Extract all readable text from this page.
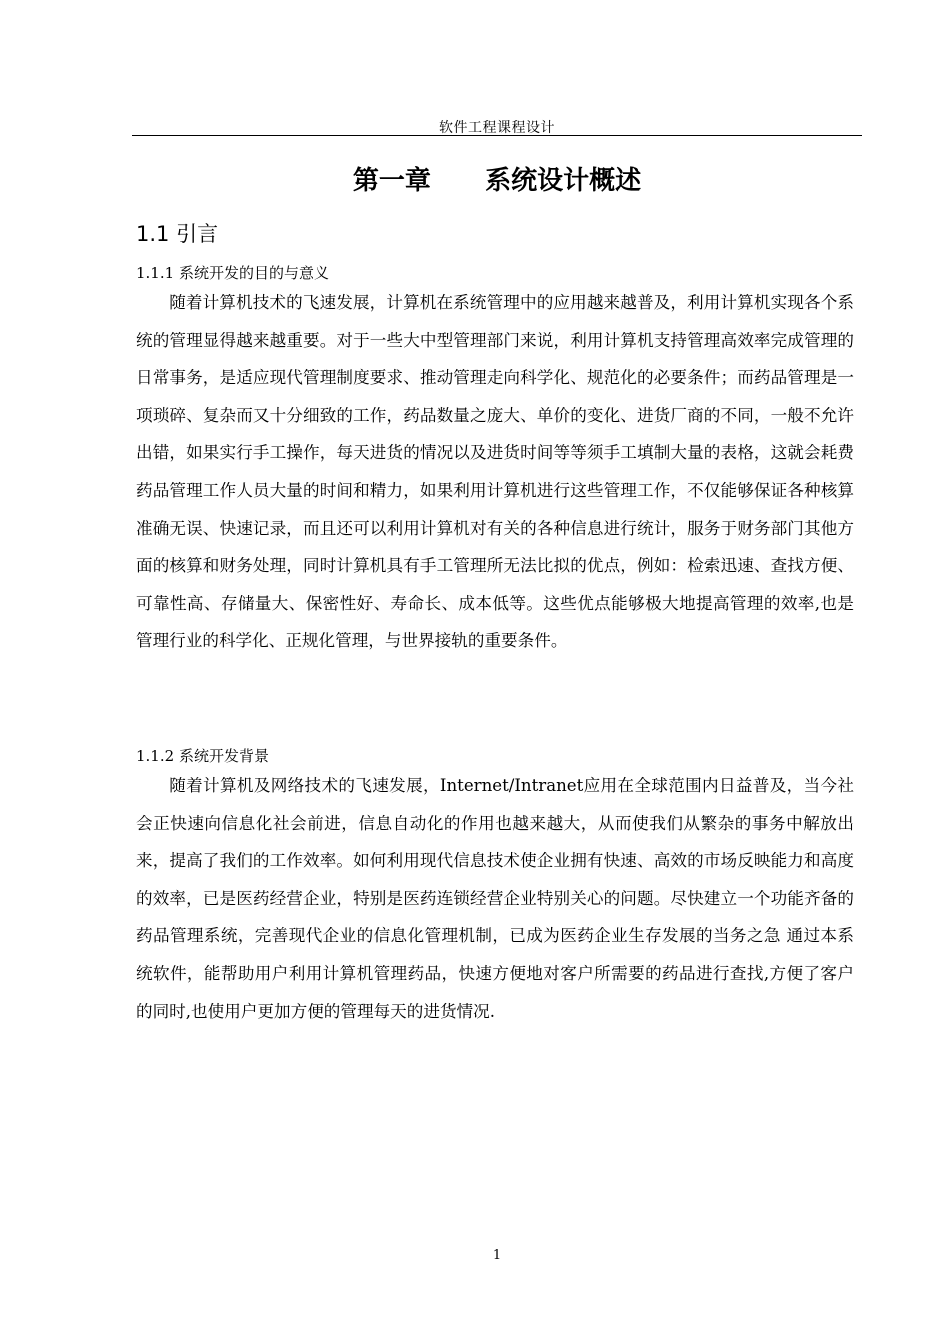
软件工程课程设计
第一章      系统设计概述
1.1 引言
1.1.1 系统开发的目的与意义

随着计算机技术的飞速发展，计算机在系统管理中的应用越来越普及，利用计算机实现各个系统的管理显得越来越重要。对于一些大中型管理部门来说，利用计算机支持管理高效率完成管理的日常事务，是适应现代管理制度要求、推动管理走向科学化、规范化的必要条件；而药品管理是一项琐碎、复杂而又十分细致的工作，药品数量之庞大、单价的变化、进货厂商的不同，一般不允许出错，如果实行手工操作，每天进货的情况以及进货时间等等须手工填制大量的表格，这就会耗费药品管理工作人员大量的时间和精力，如果利用计算机进行这些管理工作，不仅能够保证各种核算准确无误、快速记录，而且还可以利用计算机对有关的各种信息进行统计，服务于财务部门其他方面的核算和财务处理，同时计算机具有手工管理所无法比拟的优点，例如：检索迅速、查找方便、可靠性高、存储量大、保密性好、寿命长、成本低等。这些优点能够极大地提高管理的效率,也是管理行业的科学化、正规化管理，与世界接轨的重要条件。

1.1.2 系统开发背景

随着计算机及网络技术的飞速发展，Internet/Intranet应用在全球范围内日益普及，当今社会正快速向信息化社会前进，信息自动化的作用也越来越大，从而使我们从繁杂的事务中解放出来，提高了我们的工作效率。如何利用现代信息技术使企业拥有快速、高效的市场反映能力和高度的效率，已是医药经营企业，特别是医药连锁经营企业特别关心的问题。尽快建立一个功能齐备的药品管理系统，完善现代企业的信息化管理机制，已成为医药企业生存发展的当务之急 通过本系统软件，能帮助用户利用计算机管理药品，快速方便地对客户所需要的药品进行查找,方便了客户的同时,也使用户更加方便的管理每天的进货情况.

1
